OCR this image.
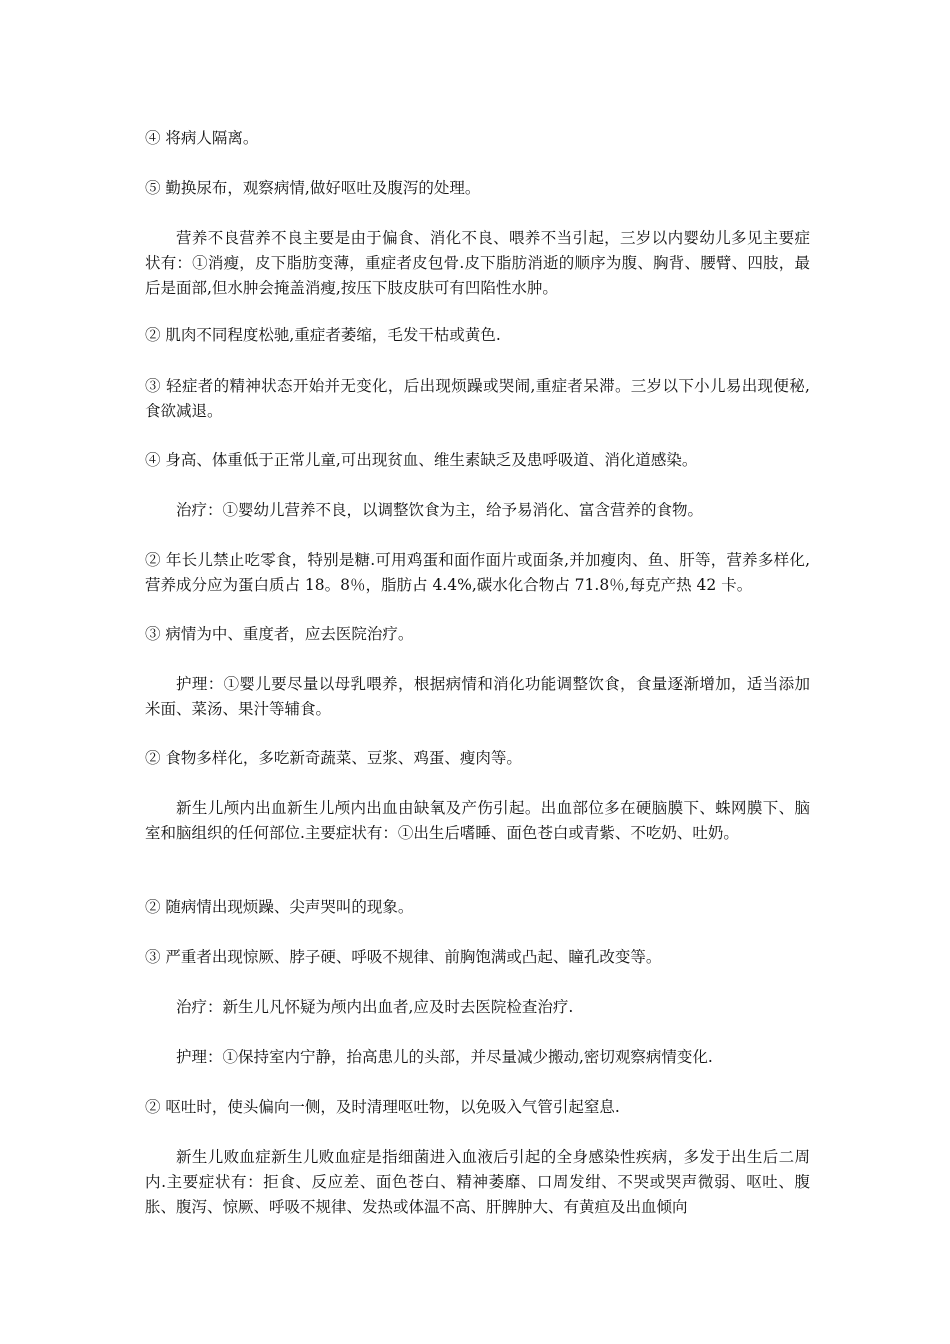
④ 将病人隔离。

⑤ 勤换尿布，观察病情,做好呕吐及腹泻的处理。

营养不良营养不良主要是由于偏食、消化不良、喂养不当引起，三岁以内婴幼儿多见主要症状有：①消瘦，皮下脂肪变薄，重症者皮包骨.皮下脂肪消逝的顺序为腹、胸背、腰臂、四肢，最后是面部,但水肿会掩盖消瘦,按压下肢皮肤可有凹陷性水肿。

② 肌肉不同程度松驰,重症者萎缩，毛发干枯或黄色.

③ 轻症者的精神状态开始并无变化，后出现烦躁或哭闹,重症者呆滞。三岁以下小儿易出现便秘,食欲减退。

④ 身高、体重低于正常儿童,可出现贫血、维生素缺乏及患呼吸道、消化道感染。

治疗：①婴幼儿营养不良，以调整饮食为主，给予易消化、富含营养的食物。

② 年长儿禁止吃零食，特别是糖.可用鸡蛋和面作面片或面条,并加瘦肉、鱼、肝等，营养多样化,营养成分应为蛋白质占 18。8％，脂肪占 4.4%,碳水化合物占 71.8％,每克产热 42 卡。

③ 病情为中、重度者，应去医院治疗。

护理：①婴儿要尽量以母乳喂养，根据病情和消化功能调整饮食，食量逐渐增加，适当添加米面、菜汤、果汁等辅食。

② 食物多样化，多吃新奇蔬菜、豆浆、鸡蛋、瘦肉等。

新生儿颅内出血新生儿颅内出血由缺氧及产伤引起。出血部位多在硬脑膜下、蛛网膜下、脑室和脑组织的任何部位.主要症状有：①出生后嗜睡、面色苍白或青紫、不吃奶、吐奶。

② 随病情出现烦躁、尖声哭叫的现象。

③ 严重者出现惊厥、脖子硬、呼吸不规律、前胸饱满或凸起、瞳孔改变等。

治疗：新生儿凡怀疑为颅内出血者,应及时去医院检查治疗.

护理：①保持室内宁静，抬高患儿的头部，并尽量减少搬动,密切观察病情变化.

② 呕吐时，使头偏向一侧，及时清理呕吐物，以免吸入气管引起窒息.

新生儿败血症新生儿败血症是指细菌进入血液后引起的全身感染性疾病，多发于出生后二周内.主要症状有：拒食、反应差、面色苍白、精神萎靡、口周发绀、不哭或哭声微弱、呕吐、腹胀、腹泻、惊厥、呼吸不规律、发热或体温不高、肝脾肿大、有黄疸及出血倾向
